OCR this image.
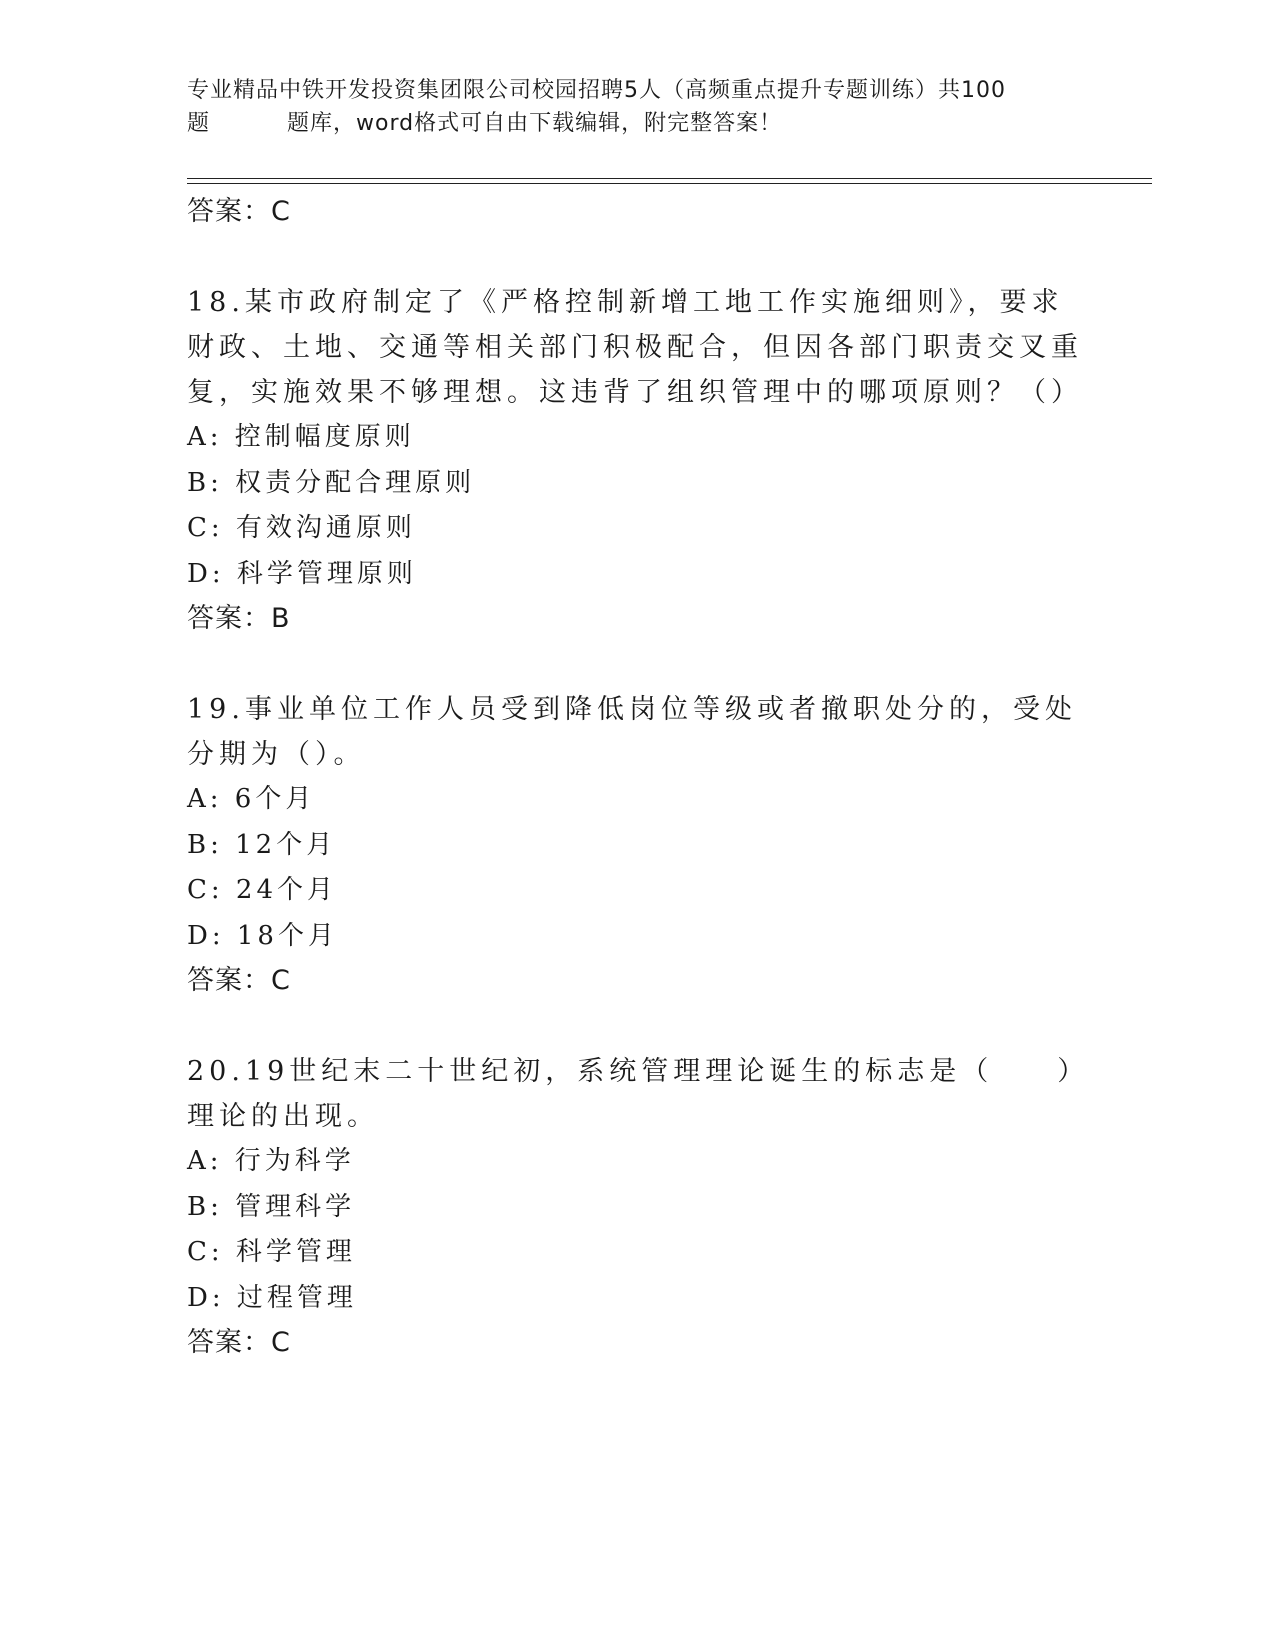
专业精品中铁开发投资集团限公司校园招聘5人（高频重点提升专题训练）共100
题	题库，word格式可自由下载编辑，附完整答案！
答案：C
18.某市政府制定了《严格控制新增工地工作实施细则》，要求财政、土地、交通等相关部门积极配合，但因各部门职责交叉重复，实施效果不够理想。这违背了组织管理中的哪项原则？（）
A: 控制幅度原则
B: 权责分配合理原则
C: 有效沟通原则
D: 科学管理原则
答案：B
19.事业单位工作人员受到降低岗位等级或者撤职处分的，受处分期为（）。
A: 6个月
B: 12个月
C: 24个月
D: 18个月
答案：C
20.19世纪末二十世纪初，系统管理理论诞生的标志是（　　）理论的出现。
A: 行为科学
B: 管理科学
C: 科学管理
D: 过程管理
答案：C
